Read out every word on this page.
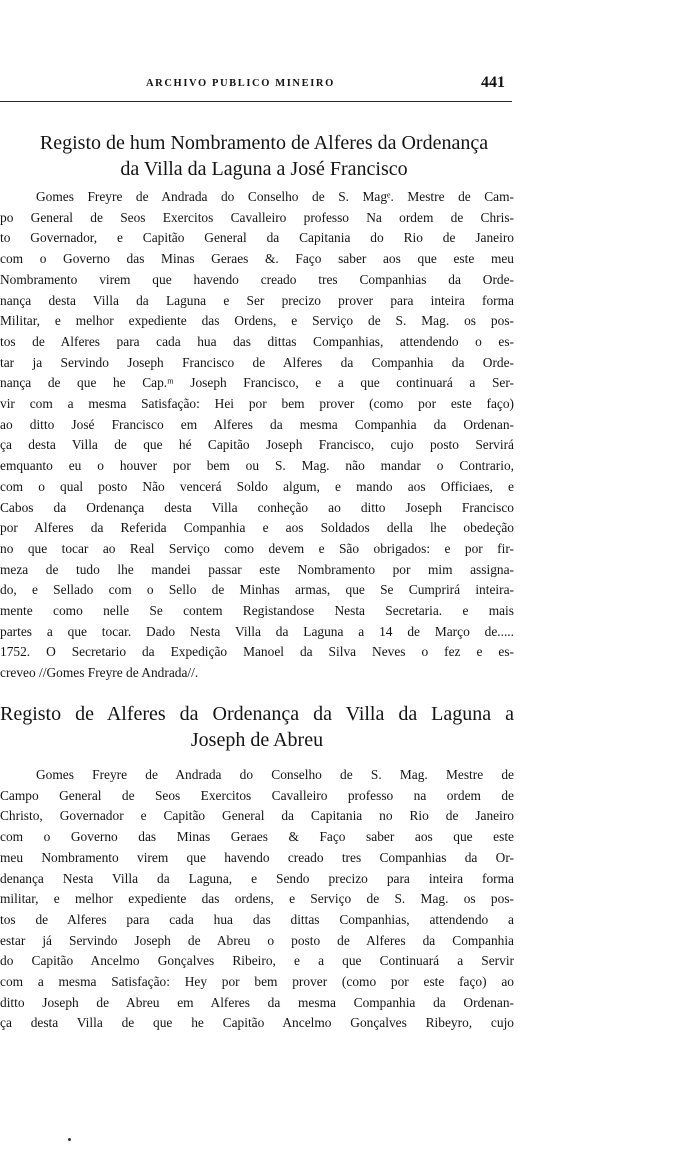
ARCHIVO PUBLICO MINEIRO	441
Registo de hum Nombramento de Alferes da Ordenança
da Villa da Laguna a José Francisco

Gomes Freyre de Andrada do Conselho de S. Magᵉ. Mestre de Cam-
po General de Seos Exercitos Cavalleiro professo Na ordem de Chris-
to Governador, e Capitão General da Capitania do Rio de Janeiro
com o Governo das Minas Geraes &. Faço saber aos que este meu
Nombramento virem que havendo creado tres Companhias da Orde-
nança desta Villa da Laguna e Ser precizo prover para inteira forma
Militar, e melhor expediente das Ordens, e Serviço de S. Mag. os pos-
tos de Alferes para cada hua das dittas Companhias, attendendo o es-
tar ja Servindo Joseph Francisco de Alferes da Companhia da Orde-
nança de que he Cap.ᵐ Joseph Francisco, e a que continuará a Ser-
vir com a mesma Satisfação: Hei por bem prover (como por este faço)
ao ditto José Francisco em Alferes da mesma Companhia da Ordenan-
ça desta Villa de que hé Capitão Joseph Francisco, cujo posto Servirá
emquanto eu o houver por bem ou S. Mag. não mandar o Contrario,
com o qual posto Não vencerá Soldo algum, e mando aos Officiaes, e
Cabos da Ordenança desta Villa conheção ao ditto Joseph Francisco
por Alferes da Referida Companhia e aos Soldados della lhe obedeção
no que tocar ao Real Serviço como devem e São obrigados: e por fir-
meza de tudo lhe mandei passar este Nombramento por mim assigna-
do, e Sellado com o Sello de Minhas armas, que Se Cumprirá inteira-
mente como nelle Se contem Registandose Nesta Secretaria. e mais
partes a que tocar. Dado Nesta Villa da Laguna a 14 de Março de.....
1752. O Secretario da Expedição Manoel da Silva Neves o fez e es-
creveo //Gomes Freyre de Andrada//.

Registo de Alferes da Ordenança da Villa da Laguna a
Joseph de Abreu

Gomes Freyre de Andrada do Conselho de S. Mag. Mestre de
Campo General de Seos Exercitos Cavalleiro professo na ordem de
Christo, Governador e Capitão General da Capitania no Rio de Janeiro
com o Governo das Minas Geraes & Faço saber aos que este
meu Nombramento virem que havendo creado tres Companhias da Or-
denança Nesta Villa da Laguna, e Sendo precizo para inteira forma
militar, e melhor expediente das ordens, e Serviço de S. Mag. os pos-
tos de Alferes para cada hua das dittas Companhias, attendendo a
estar já Servindo Joseph de Abreu o posto de Alferes da Companhia
do Capitão Ancelmo Gonçalves Ribeiro, e a que Continuará a Servir
com a mesma Satisfação: Hey por bem prover (como por este faço) ao
ditto Joseph de Abreu em Alferes da mesma Companhia da Ordenan-
ça desta Villa de que he Capitão Ancelmo Gonçalves Ribeyro, cujo
